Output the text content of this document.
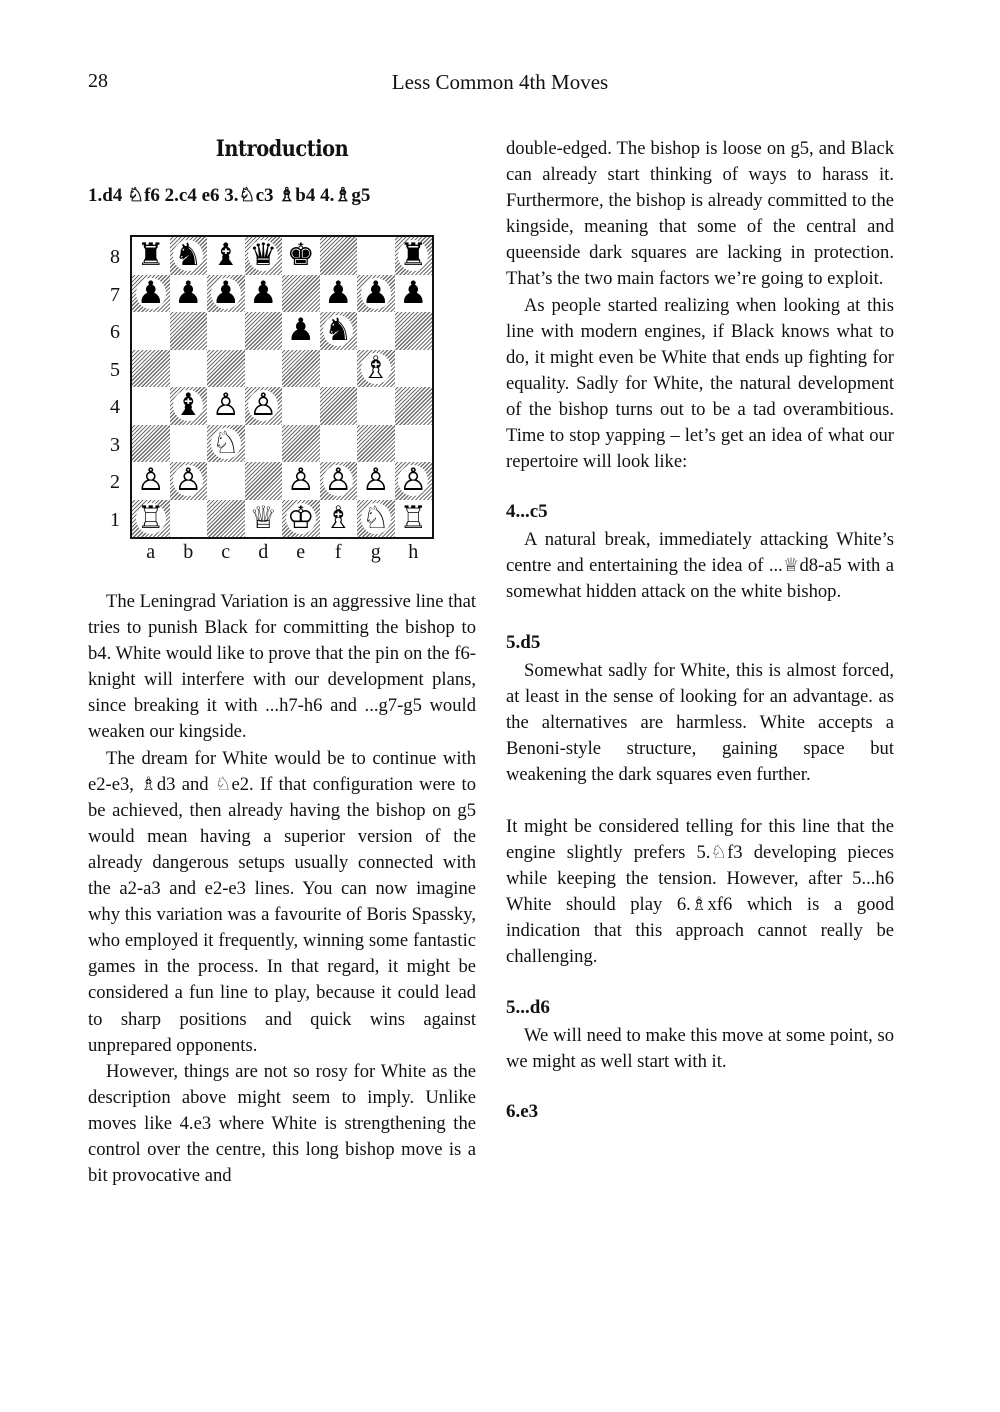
28	Less Common 4th Moves
Introduction
1.d4 ♘f6 2.c4 e6 3.♘c3 ♗b4 4.♗g5
8
7
6
5
4
3
2
1
♜ ♞ ♝ ♛ ♚	♜
♟ ♟ ♟ ♟ ♟ ♟ ♟
♟ ♞
♗
♝ ♙ ♙
♘
♙ ♙	♙ ♙ ♙ ♙
♖	♕ ♔ ♗ ♘ ♖
a	b	c	d	e	f	g	h

The Leningrad Variation is an aggressive line that tries to punish Black for committing the bishop to b4. White would like to prove that the pin on the f6-knight will interfere with our development plans, since breaking it with ...h7-h6 and ...g7-g5 would weaken our kingside.

The dream for White would be to continue with e2-e3, ♗d3 and ♘e2. If that configuration were to be achieved, then already having the bishop on g5 would mean having a superior version of the already dangerous setups usually connected with the a2-a3 and e2-e3 lines. You can now imagine why this variation was a favourite of Boris Spassky, who employed it frequently, winning some fantastic games in the process. In that regard, it might be considered a fun line to play, because it could lead to sharp positions and quick wins against unprepared opponents.

However, things are not so rosy for White as the description above might seem to imply. Unlike moves like 4.e3 where White is strengthening the control over the centre, this long bishop move is a bit provocative and

double-edged. The bishop is loose on g5, and Black can already start thinking of ways to harass it. Furthermore, the bishop is already committed to the kingside, meaning that some of the central and queenside dark squares are lacking in protection. That’s the two main factors we’re going to exploit.

As people started realizing when looking at this line with modern engines, if Black knows what to do, it might even be White that ends up fighting for equality. Sadly for White, the natural development of the bishop turns out to be a tad overambitious. Time to stop yapping – let’s get an idea of what our repertoire will look like:

4...c5

A natural break, immediately attacking White’s centre and entertaining the idea of ...♕d8-a5 with a somewhat hidden attack on the white bishop.

5.d5

Somewhat sadly for White, this is almost forced, at least in the sense of looking for an advantage. as the alternatives are harmless. White accepts a Benoni-style structure, gaining space but weakening the dark squares even further.

It might be considered telling for this line that the engine slightly prefers 5.♘f3 developing pieces while keeping the tension. However, after 5...h6 White should play 6.♗xf6 which is a good indication that this approach cannot really be challenging.

5...d6

We will need to make this move at some point, so we might as well start with it.

6.e3
